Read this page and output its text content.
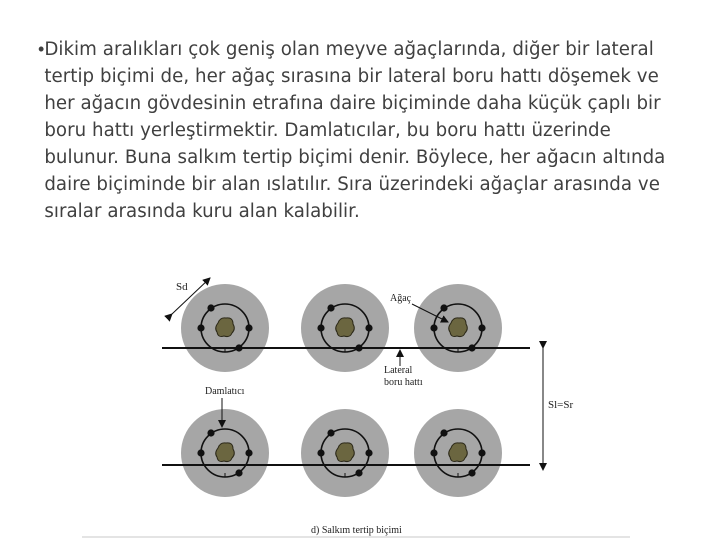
• Dikim aralıkları çok geniş olan meyve ağaçlarında, diğer bir lateral tertip biçimi de, her ağaç sırasına bir lateral boru hattı döşemek ve her ağacın gövdesinin etrafına daire biçiminde daha küçük çaplı bir boru hattı yerleştirmektir. Damlatıcılar, bu boru hattı üzerinde bulunur. Buna salkım tertip biçimi denir. Böylece, her ağacın altında daire biçiminde bir alan ıslatılır. Sıra üzerindeki ağaçlar arasında ve sıralar arasında kuru alan kalabilir.
Sl=Sr
Sd
Ağaç
Lateral
boru hattı
Damlatıcı
d) Salkım tertip biçimi
